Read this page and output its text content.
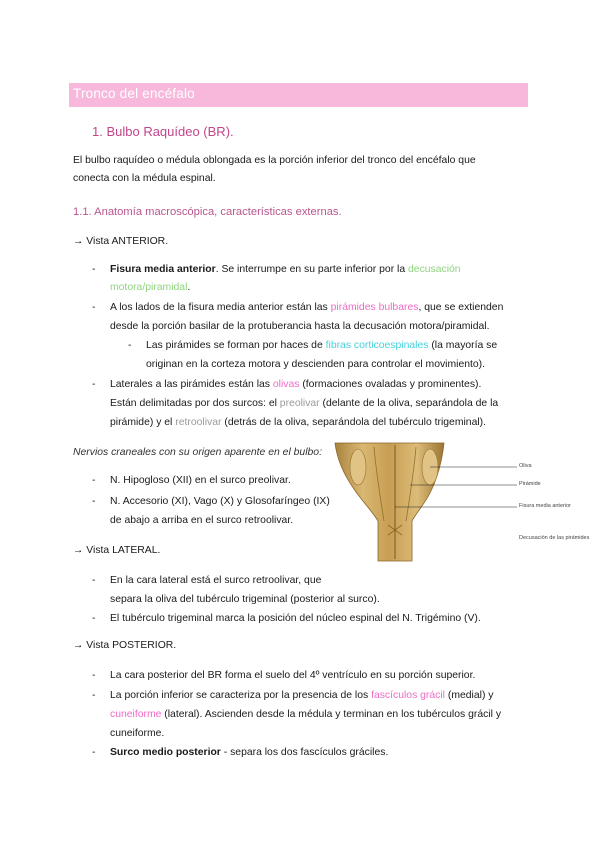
Tronco del encéfalo
1. Bulbo Raquídeo (BR).
El bulbo raquídeo o médula oblongada es la porción inferior del tronco del encéfalo que
conecta con la médula espinal.
1.1. Anatomía macroscópica, características externas.
→ Vista ANTERIOR.
- Fisura media anterior. Se interrumpe en su parte inferior por la decusación
motora/piramidal.
- A los lados de la fisura media anterior están las pirámides bulbares, que se extienden
desde la porción basilar de la protuberancia hasta la decusación motora/piramidal.
- Las pirámides se forman por haces de fibras corticoespinales (la mayoría se
originan en la corteza motora y descienden para controlar el movimiento).
- Laterales a las pirámides están las olivas (formaciones ovaladas y prominentes).
Están delimitadas por dos surcos: el preolivar (delante de la oliva, separándola de la
pirámide) y el retroolivar (detrás de la oliva, separándola del tubérculo trigeminal).
Nervios craneales con su origen aparente en el bulbo:
- N. Hipogloso (XII) en el surco preolivar.
- N. Accesorio (XI), Vago (X) y Glosofaríngeo (IX)
de abajo a arriba en el surco retroolivar.
Oliva
Pirámide
Fisura media anterior
Decusación de las pirámides
→ Vista LATERAL.
- En la cara lateral está el surco retroolivar, que
separa la oliva del tubérculo trigeminal (posterior al surco).
- El tubérculo trigeminal marca la posición del núcleo espinal del N. Trigémino (V).
→ Vista POSTERIOR.
- La cara posterior del BR forma el suelo del 4º ventrículo en su porción superior.
- La porción inferior se caracteriza por la presencia de los fascículos grácil (medial) y
cuneiforme (lateral). Ascienden desde la médula y terminan en los tubérculos grácil y
cuneiforme.
- Surco medio posterior - separa los dos fascículos gráciles.
